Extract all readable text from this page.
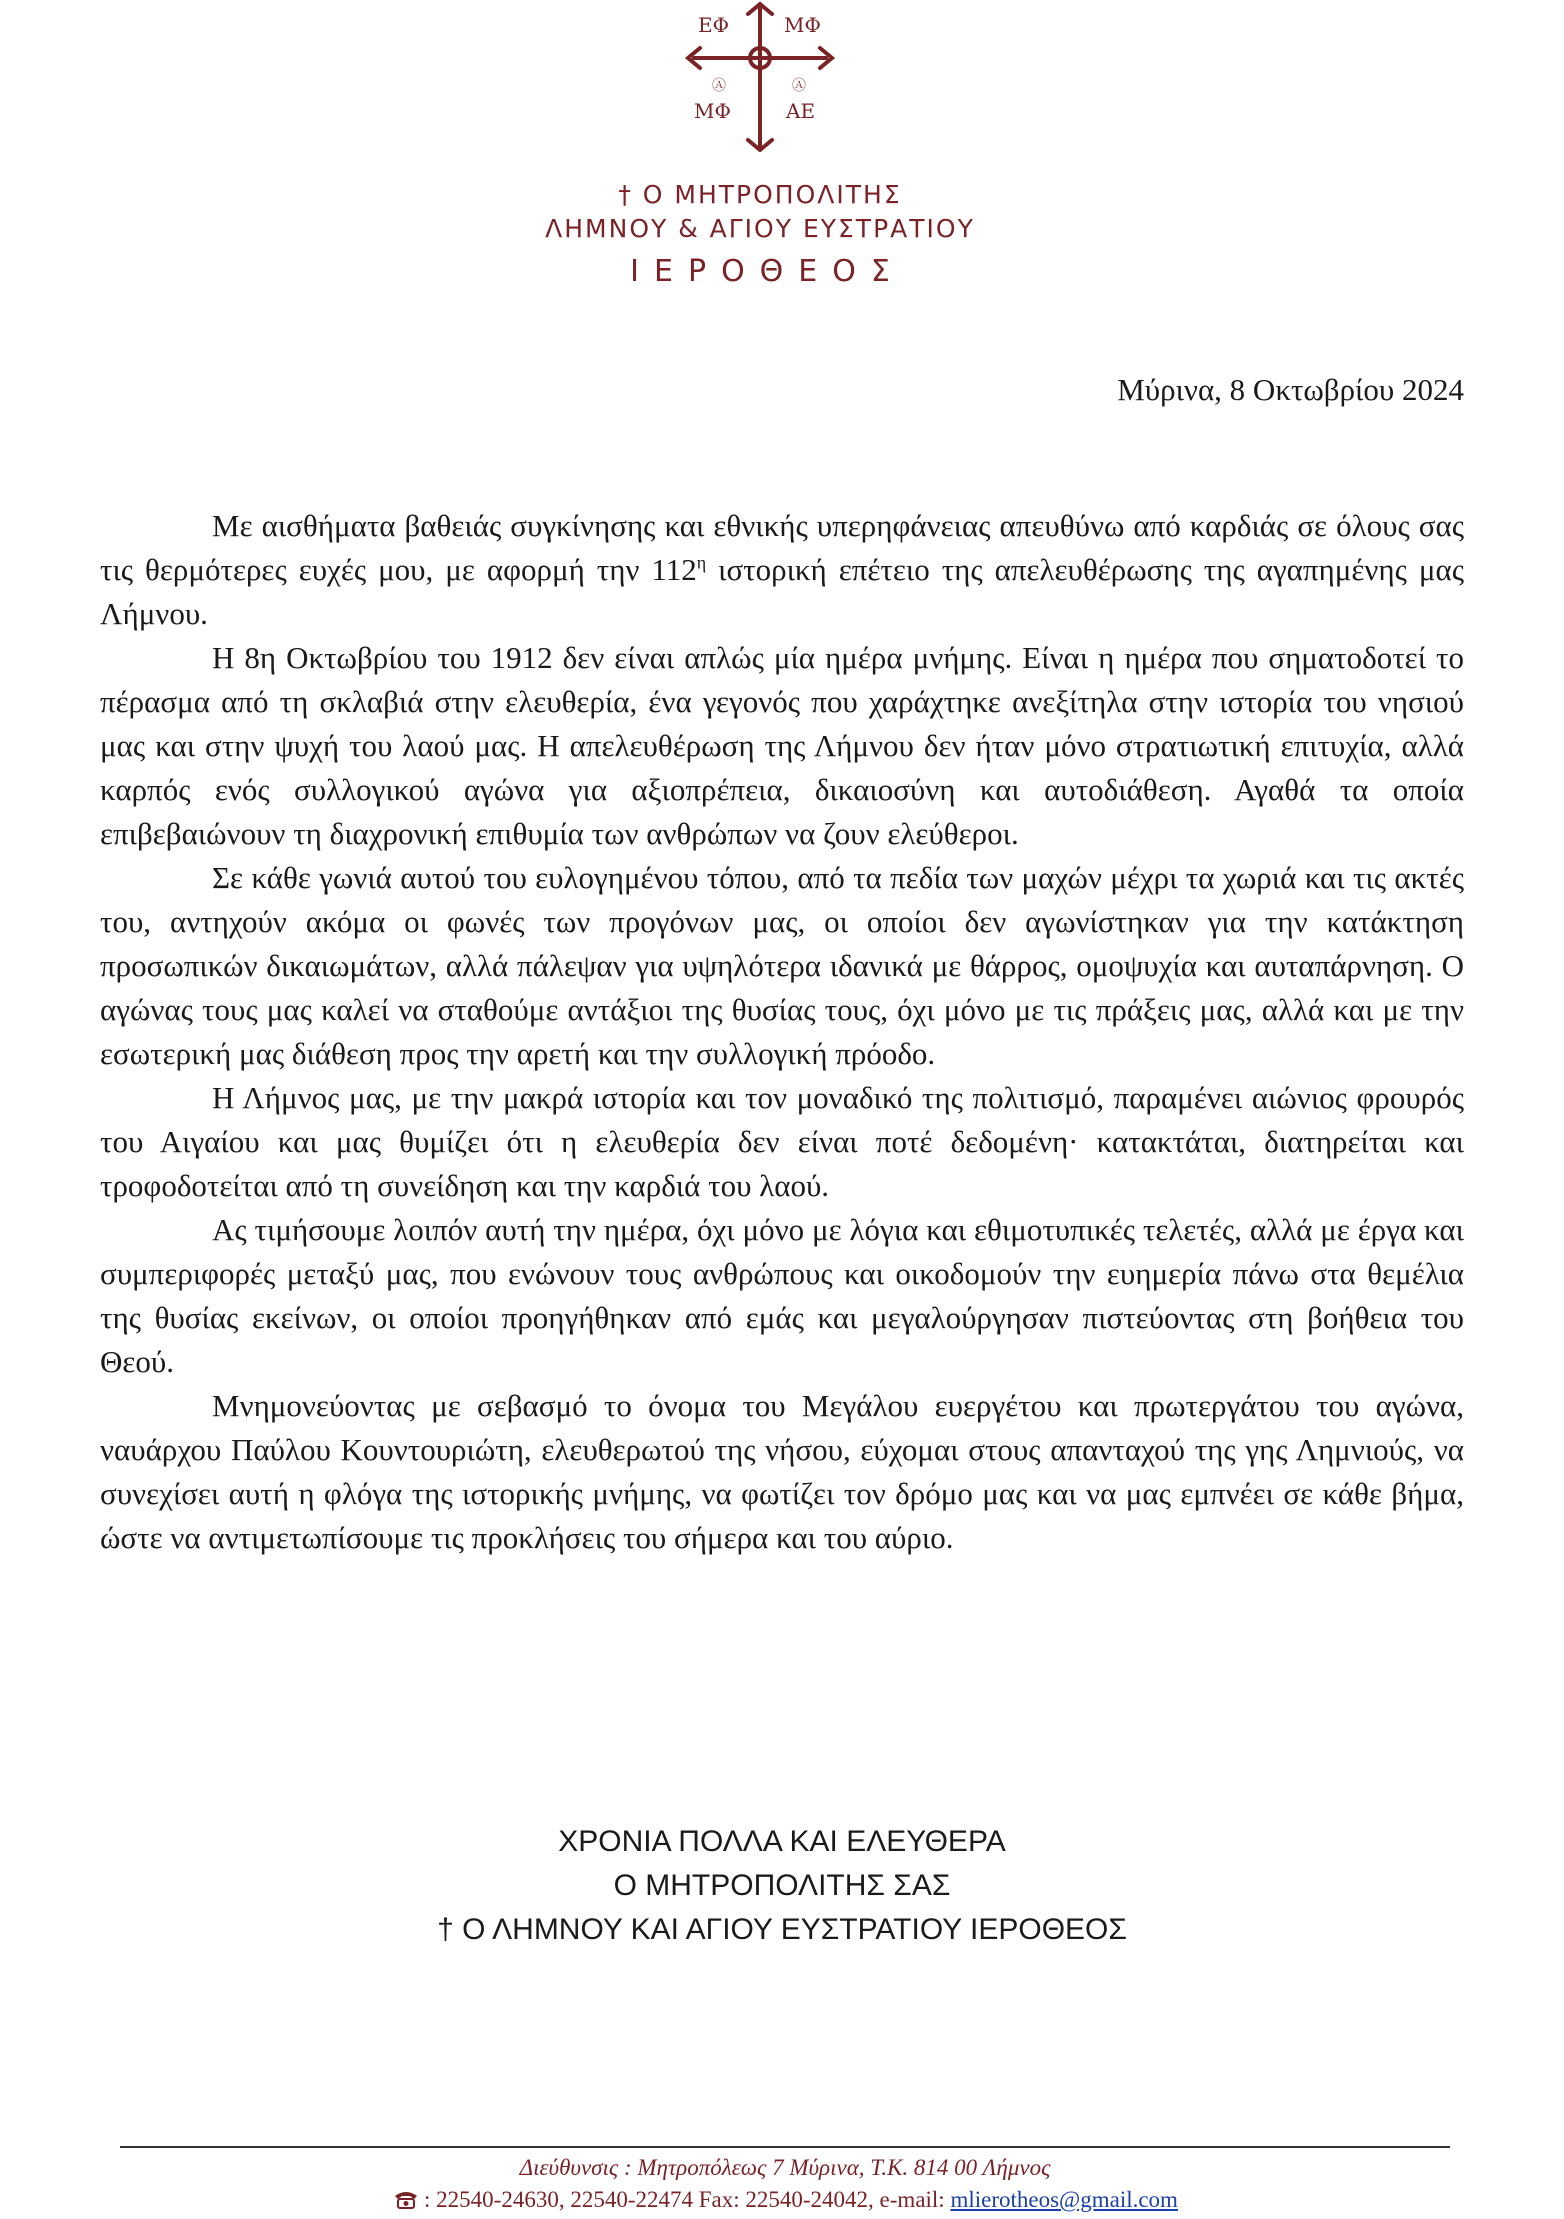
ΕΦ	ΜΦ
ΜΦ	ΑΕ
Ⓐ	Ⓐ
† Ο ΜΗΤΡΟΠΟΛΙΤΗΣ
ΛΗΜΝΟΥ & ΑΓΙΟΥ ΕΥΣΤΡΑΤΙΟΥ
ΙΕΡΟΘΕΟΣ
Μύρινα, 8 Οκτωβρίου 2024

Με αισθήματα βαθειάς συγκίνησης και εθνικής υπερηφάνειας απευθύνω από καρδιάς σε όλους σας τις θερμότερες ευχές μου, με αφορμή την $112^\eta$ ιστορική επέτειο της απελευθέρωσης της αγαπημένης μας Λήμνου.

Η 8η Οκτωβρίου του 1912 δεν είναι απλώς μία ημέρα μνήμης. Είναι η ημέρα που σηματοδοτεί το πέρασμα από τη σκλαβιά στην ελευθερία, ένα γεγονός που χαράχτηκε ανεξίτηλα στην ιστορία του νησιού μας και στην ψυχή του λαού μας. Η απελευθέρωση της Λήμνου δεν ήταν μόνο στρατιωτική επιτυχία, αλλά καρπός ενός συλλογικού αγώνα για αξιοπρέπεια, δικαιοσύνη και αυτοδιάθεση. Αγαθά τα οποία επιβεβαιώνουν τη διαχρονική επιθυμία των ανθρώπων να ζουν ελεύθεροι.

Σε κάθε γωνιά αυτού του ευλογημένου τόπου, από τα πεδία των μαχών μέχρι τα χωριά και τις ακτές του, αντηχούν ακόμα οι φωνές των προγόνων μας, οι οποίοι δεν αγωνίστηκαν για την κατάκτηση προσωπικών δικαιωμάτων, αλλά πάλεψαν για υψηλότερα ιδανικά με θάρρος, ομοψυχία και αυταπάρνηση. Ο αγώνας τους μας καλεί να σταθούμε αντάξιοι της θυσίας τους, όχι μόνο με τις πράξεις μας, αλλά και με την εσωτερική μας διάθεση προς την αρετή και την συλλογική πρόοδο.

Η Λήμνος μας, με την μακρά ιστορία και τον μοναδικό της πολιτισμό, παραμένει αιώνιος φρουρός του Αιγαίου και μας θυμίζει ότι η ελευθερία δεν είναι ποτέ δεδομένη· κατακτάται, διατηρείται και τροφοδοτείται από τη συνείδηση και την καρδιά του λαού.

Ας τιμήσουμε λοιπόν αυτή την ημέρα, όχι μόνο με λόγια και εθιμοτυπικές τελετές, αλλά με έργα και συμπεριφορές μεταξύ μας, που ενώνουν τους ανθρώπους και οικοδομούν την ευημερία πάνω στα θεμέλια της θυσίας εκείνων, οι οποίοι προηγήθηκαν από εμάς και μεγαλούργησαν πιστεύοντας στη βοήθεια του Θεού.

Μνημονεύοντας με σεβασμό το όνομα του Μεγάλου ευεργέτου και πρωτεργάτου του αγώνα, ναυάρχου Παύλου Κουντουριώτη, ελευθερωτού της νήσου, εύχομαι στους απανταχού της γης Λημνιούς, να συνεχίσει αυτή η φλόγα της ιστορικής μνήμης, να φωτίζει τον δρόμο μας και να μας εμπνέει σε κάθε βήμα, ώστε να αντιμετωπίσουμε τις προκλήσεις του σήμερα και του αύριο.

ΧΡΟΝΙΑ ΠΟΛΛΑ ΚΑΙ ΕΛΕΥΘΕΡΑ
Ο ΜΗΤΡΟΠΟΛΙΤΗΣ ΣΑΣ
† Ο ΛΗΜΝΟΥ ΚΑΙ ΑΓΙΟΥ ΕΥΣΤΡΑΤΙΟΥ ΙΕΡΟΘΕΟΣ
Διεύθυνσις : Μητροπόλεως 7 Μύρινα, Τ.Κ. 814 00 Λήμνος
: 22540-24630, 22540-22474 Fax: 22540-24042, e-mail: mlierotheos@gmail.com
